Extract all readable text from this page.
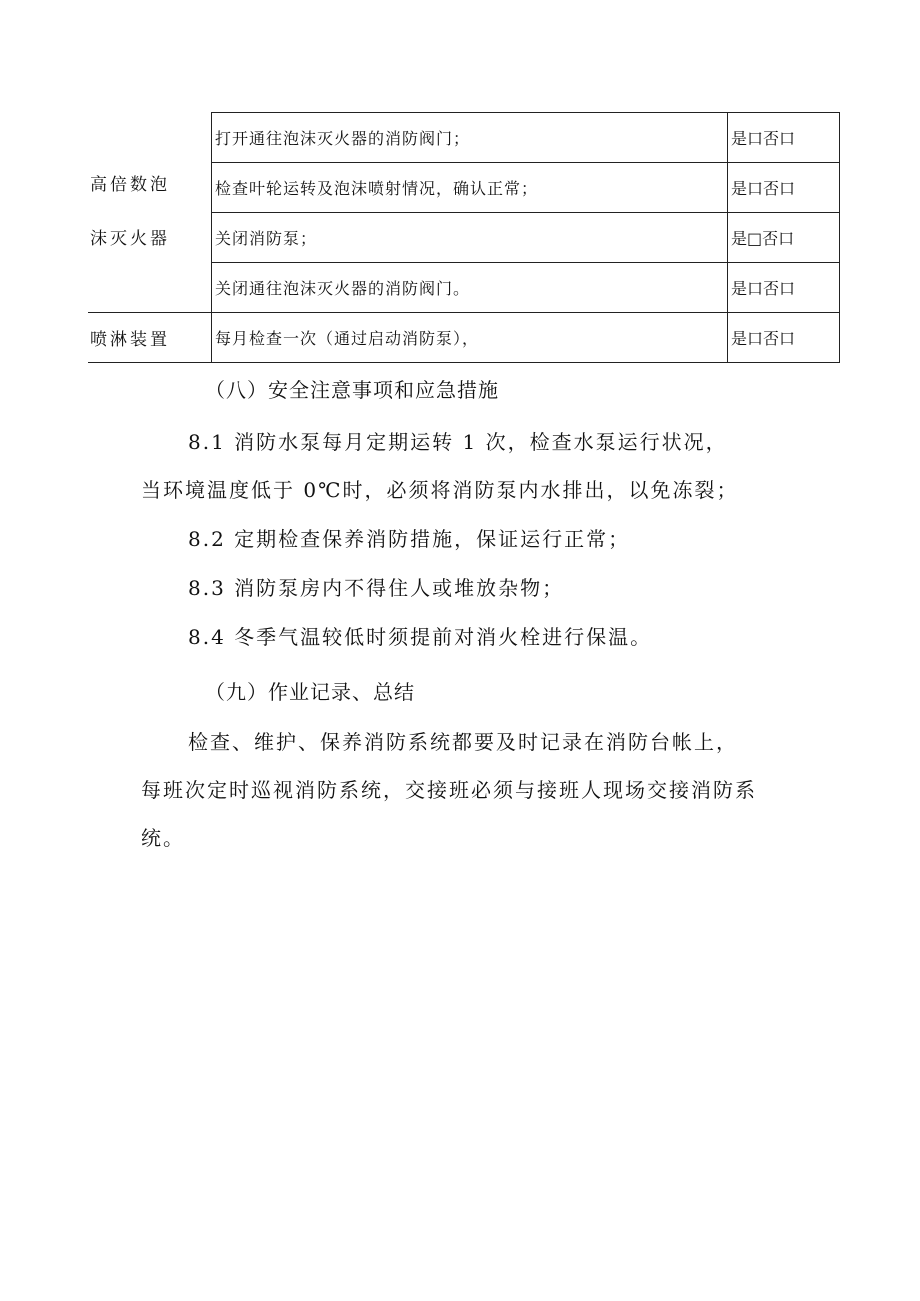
高倍数泡
沫灭火器	打开通往泡沫灭火器的消防阀门；	是口否口
	检查叶轮运转及泡沫喷射情况，确认正常；	是口否口
	关闭消防泵；	是□否口
	关闭通往泡沫灭火器的消防阀门。	是口否口
喷淋装置	每月检查一次（通过启动消防泵），	是口否口
（八）安全注意事项和应急措施

8.1 消防水泵每月定期运转 1 次，检查水泵运行状况，

当环境温度低于 0℃时，必须将消防泵内水排出，以免冻裂；

8.2 定期检查保养消防措施，保证运行正常；

8.3 消防泵房内不得住人或堆放杂物；

8.4 冬季气温较低时须提前对消火栓进行保温。

（九）作业记录、总结

检查、维护、保养消防系统都要及时记录在消防台帐上，

每班次定时巡视消防系统，交接班必须与接班人现场交接消防系

统。
